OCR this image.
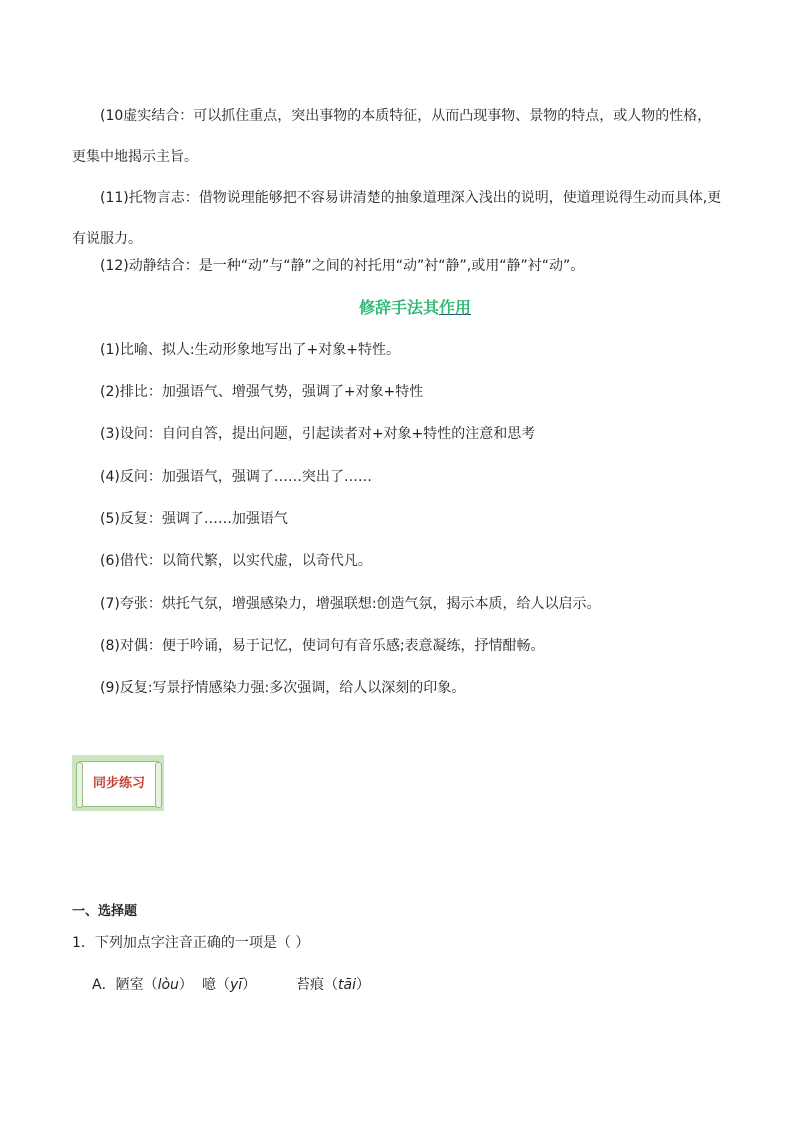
(10虚实结合：可以抓住重点，突出事物的本质特征，从而凸现事物、景物的特点，或人物的性格，更集中地揭示主旨。

(11)托物言志：借物说理能够把不容易讲清楚的抽象道理深入浅出的说明，使道理说得生动而具体,更有说服力。

(12)动静结合：是一种“动”与“静”之间的衬托用“动”衬“静”,或用“静”衬“动”。

修辞手法其作用

(1)比喻、拟人:生动形象地写出了+对象+特性。

(2)排比：加强语气、增强气势，强调了+对象+特性

(3)设问：自问自答，提出问题，引起读者对+对象+特性的注意和思考

(4)反问：加强语气，强调了……突出了……

(5)反复：强调了……加强语气

(6)借代：以简代繁，以实代虚，以奇代凡。

(7)夸张：烘托气氛，增强感染力，增强联想:创造气氛，揭示本质，给人以启示。

(8)对偶：便于吟诵，易于记忆，使词句有音乐感;表意凝练，抒情酣畅。

(9)反复:写景抒情感染力强:多次强调，给人以深刻的印象。

同步练习

一、选择题

1．下列加点字注音正确的一项是（ ）

A．陋室（lòu） 噫（yī）	苔痕（tāi）
